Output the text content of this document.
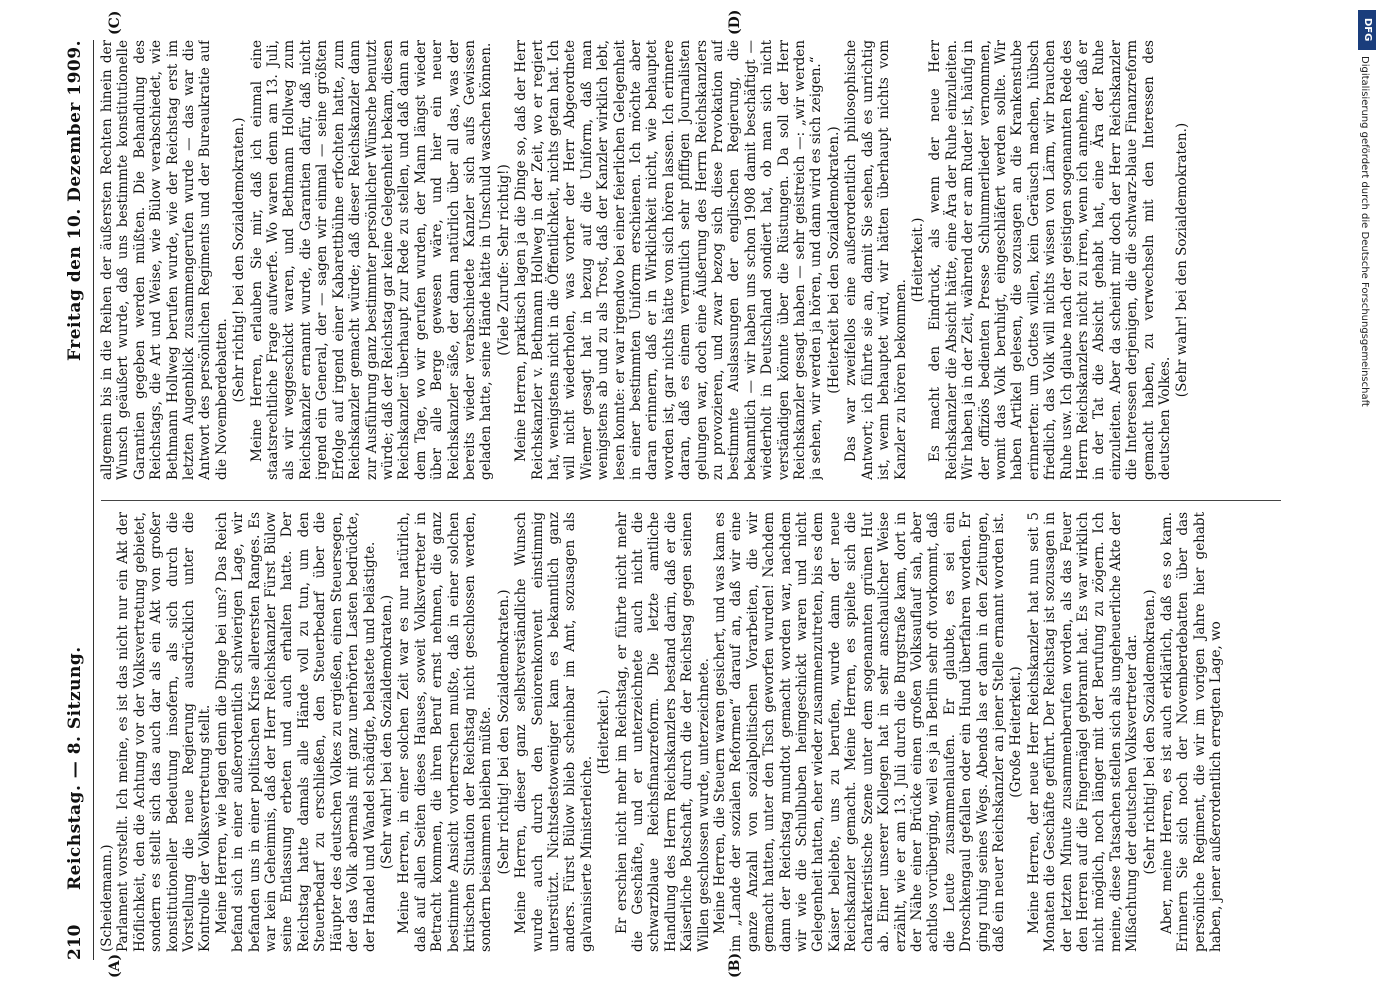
210
Reichstag. — 8. Sitzung.
Freitag den 10. Dezember 1909.
(A)	(B)
(C)	(D)

(Scheidemann.) Parlament vorstellt. Ich meine, es ist das nicht nur ein Akt der Höflichkeit, den die Achtung vor der Volksvertretung gebietet, sondern es stellt sich das auch dar als ein Akt von großer konstitutioneller Bedeutung insofern, als sich durch die Vorstellung die neue Regierung ausdrücklich unter die Kontrolle der Volksvertretung stellt. Meine Herren, wie lagen denn die Dinge bei uns? Das Reich befand sich in einer außerordentlich schwierigen Lage, wir befanden uns in einer politischen Krise allerersten Ranges. Es war kein Geheimnis, daß der Herr Reichskanzler Fürst Bülow seine Entlassung erbeten und auch erhalten hatte. Der Reichstag hatte damals alle Hände voll zu tun, um den Steuerbedarf zu erschließen, den Steuerbedarf über die Häupter des deutschen Volkes zu ergießen, einen Steuersegen, der das Volk abermals mit ganz unerhörten Lasten bedrückte, der Handel und Wandel schädigte, belastete und belästigte. (Sehr wahr! bei den Sozialdemokraten.) Meine Herren, in einer solchen Zeit war es nur natürlich, daß auf allen Seiten dieses Hauses, soweit Volksvertreter in Betracht kommen, die ihren Beruf ernst nehmen, die ganz bestimmte Ansicht vorherrschen mußte, daß in einer solchen kritischen Situation der Reichstag nicht geschlossen werden, sondern beisammen bleiben müßte. (Sehr richtig! bei den Sozialdemokraten.) Meine Herren, dieser ganz selbstverständliche Wunsch wurde auch durch den Seniorenkonvent einstimmig unterstützt. Nichtsdestoweniger kam es bekanntlich ganz anders. Fürst Bülow blieb scheinbar im Amt, sozusagen als galvanisierte Ministerleiche.

(Heiterkeit.) Er erschien nicht mehr im Reichstag, er führte nicht mehr die Geschäfte, und er unterzeichnete auch nicht die schwarzblaue Reichsfinanzreform. Die letzte amtliche Handlung des Herrn Reichskanzlers bestand darin, daß er die Kaiserliche Botschaft, durch die der Reichstag gegen seinen Willen geschlossen wurde, unterzeichnete. Meine Herren, die Steuern waren gesichert, und was kam es im „Lande der sozialen Reformen“ darauf an, daß wir eine ganze Anzahl von sozialpolitischen Vorarbeiten, die wir gemacht hatten, unter den Tisch geworfen wurden! Nachdem dann der Reichstag mundtot gemacht worden war, nachdem wir wie die Schulbuben heimgeschickt waren und nicht Gelegenheit hatten, eher wieder zusammenzutreten, bis es dem Kaiser beliebte, uns zu berufen, wurde dann der neue Reichskanzler gemacht. Meine Herren, es spielte sich die charakteristische Szene unter dem sogenannten grünen Hut ab. Einer unserer Kollegen hat in sehr anschaulicher Weise erzählt, wie er am 13. Juli durch die Burgstraße kam, dort in der Nähe einer Brücke einen großen Volksauflauf sah, aber achtlos vorüberging, weil es ja in Berlin sehr oft vorkommt, daß die Leute zusammenlaufen. Er glaubte, es sei ein Droschkengaul gefallen oder ein Hund überfahren worden. Er ging ruhig seines Wegs. Abends las er dann in den Zeitungen, daß ein neuer Reichskanzler an jener Stelle ernannt worden ist. (Große Heiterkeit.) Meine Herren, der neue Herr Reichskanzler hat nun seit 5 Monaten die Geschäfte geführt. Der Reichstag ist sozusagen in der letzten Minute zusammenberufen worden, als das Feuer den Herren auf die Fingernägel gebrannt hat. Es war wirklich nicht möglich, noch länger mit der Berufung zu zögern. Ich meine, diese Tatsachen stellen sich als ungeheuerliche Akte der Mißachtung der deutschen Volksvertreter dar. (Sehr richtig! bei den Sozialdemokraten.) Aber, meine Herren, es ist auch erklärlich, daß es so kam. Erinnern Sie sich noch der Novemberdebatten über das persönliche Regiment, die wir im vorigen Jahre hier gehabt haben, jener außerordentlich erregten Lage, wo

allgemein bis in die Reihen der äußersten Rechten hinein der Wunsch geäußert wurde, daß uns bestimmte konstitutionelle Garantien gegeben werden müßten. Die Behandlung des Reichstags, die Art und Weise, wie Bülow verabschiedet, wie Bethmann Hollweg berufen wurde, wie der Reichstag erst im letzten Augenblick zusammengerufen wurde — das war die Antwort des persönlichen Regiments und der Bureaukratie auf die Novemberdebatten. (Sehr richtig! bei den Sozialdemokraten.) Meine Herren, erlauben Sie mir, daß ich einmal eine staatsrechtliche Frage aufwerfe. Wo waren denn am 13. Juli, als wir weggeschickt waren, und Bethmann Hollweg zum Reichskanzler ernannt wurde, die Garantien dafür, daß nicht irgend ein General, der — sagen wir einmal — seine größten Erfolge auf irgend einer Kabarettbühne erfochten hatte, zum Reichskanzler gemacht würde; daß dieser Reichskanzler dann zur Ausführung ganz bestimmter persönlicher Wünsche benutzt würde; daß der Reichstag gar keine Gelegenheit bekam, diesen Reichskanzler überhaupt zur Rede zu stellen, und daß dann an dem Tage, wo wir gerufen wurden, der Mann längst wieder über alle Berge gewesen wäre, und hier ein neuer Reichskanzler säße, der dann natürlich über all das, was der bereits wieder verabschiedete Kanzler sich aufs Gewissen geladen hatte, seine Hände hätte in Unschuld waschen können. (Viele Zurufe: Sehr richtig!) Meine Herren, praktisch lagen ja die Dinge so, daß der Herr Reichskanzler v. Bethmann Hollweg in der Zeit, wo er regiert hat, wenigstens nicht in die Öffentlichkeit, nichts getan hat. Ich will nicht wiederholen, was vorher der Herr Abgeordnete Wiemer gesagt hat in bezug auf die Uniform, daß man wenigstens ab und zu als Trost, daß der Kanzler wirklich lebt, lesen konnte: er war irgendwo bei einer feierlichen Gelegenheit in einer bestimmten Uniform erschienen. Ich möchte aber daran erinnern, daß er in Wirklichkeit nicht, wie behauptet worden ist, gar nichts hätte von sich hören lassen. Ich erinnere daran, daß es einem vermutlich sehr pfiffigen Journalisten gelungen war, doch eine Äußerung des Herrn Reichskanzlers zu provozieren, und zwar bezog sich diese Provokation auf bestimmte Auslassungen der englischen Regierung, die bekanntlich — wir haben uns schon 1908 damit beschäftigt — wiederholt in Deutschland sondiert hat, ob man sich nicht verständigen könnte über die Rüstungen. Da soll der Herr Reichskanzler gesagt haben — sehr geistreich —: „wir werden ja sehen, wir werden ja hören, und dann wird es sich zeigen.“ (Heiterkeit bei den Sozialdemokraten.) Das war zweifellos eine außerordentlich philosophische Antwort; ich führte sie an, damit Sie sehen, daß es unrichtig ist, wenn behauptet wird, wir hätten überhaupt nichts vom Kanzler zu hören bekommen.

(Heiterkeit.) Es macht den Eindruck, als wenn der neue Herr Reichskanzler die Absicht hätte, eine Ära der Ruhe einzuleiten. Wir haben ja in der Zeit, während der er am Ruder ist, häufig in der offiziös bedienten Presse Schlummerlieder vernommen, womit das Volk beruhigt, eingeschläfert werden sollte. Wir haben Artikel gelesen, die sozusagen an die Krankenstube erinnerten: um Gottes willen, kein Geräusch machen, hübsch friedlich, das Volk will nichts wissen von Lärm, wir brauchen Ruhe usw. Ich glaube nach der geistigen sogenannten Rede des Herrn Reichskanzlers nicht zu irren, wenn ich annehme, daß er in der Tat die Absicht gehabt hat, eine Ära der Ruhe einzuleiten. Aber da scheint mir doch der Herr Reichskanzler die Interessen derjenigen, die die schwarz-blaue Finanzreform gemacht haben, zu verwechseln mit den Interessen des deutschen Volkes.

(Sehr wahr! bei den Sozialdemokraten.)

DFG
Digitalisierung gefördert durch die Deutsche Forschungsgemeinschaft
